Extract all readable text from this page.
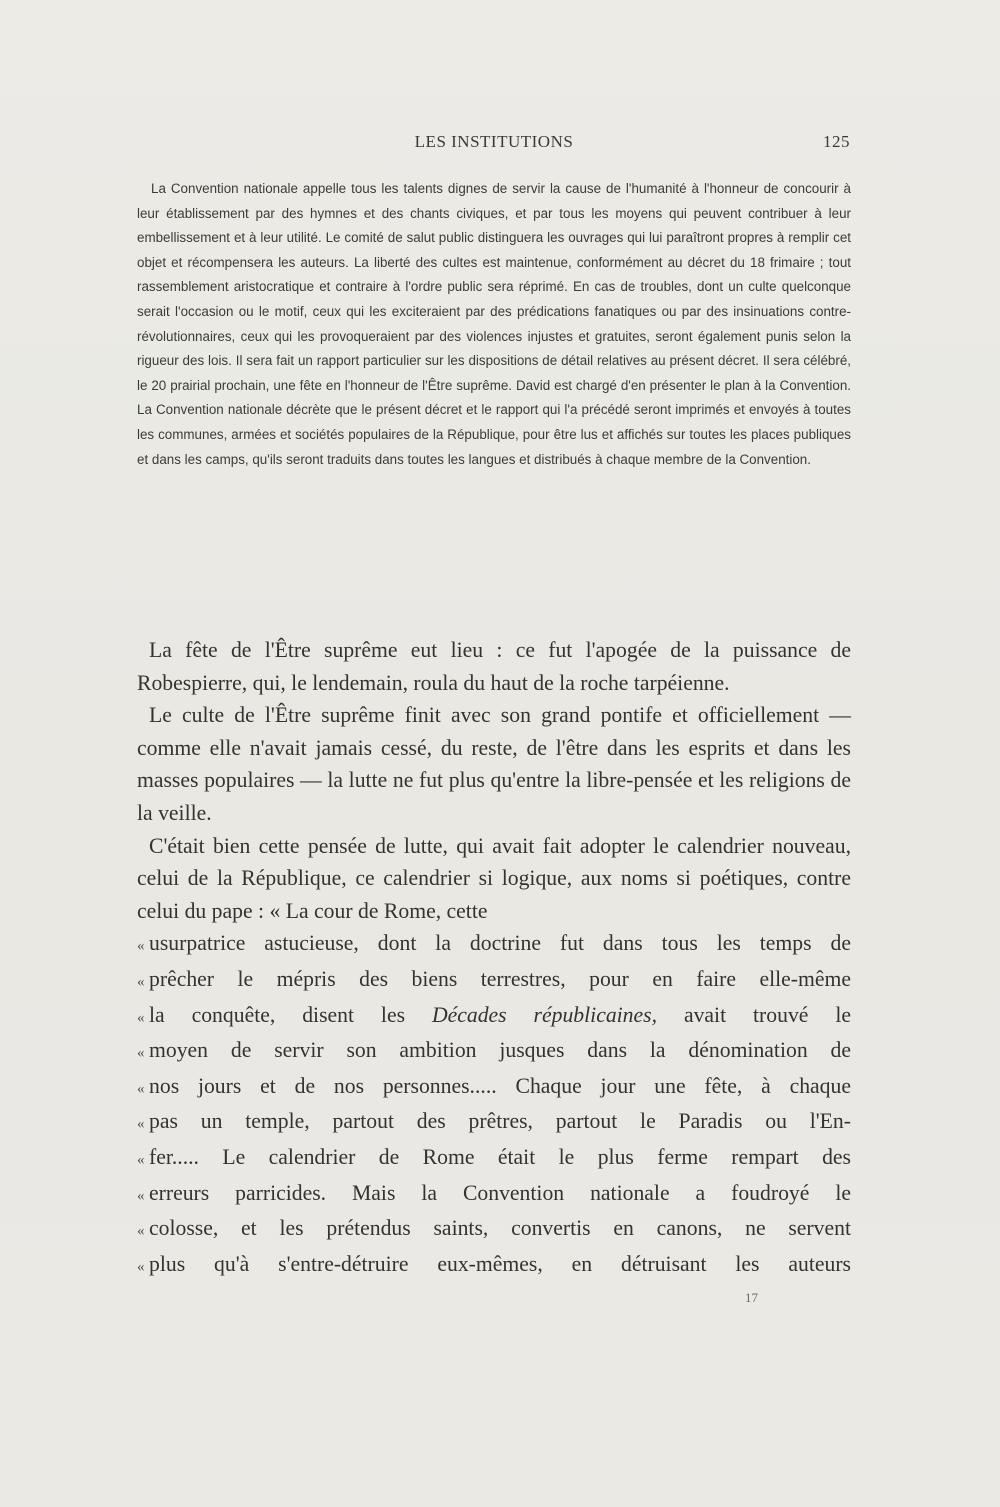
LES INSTITUTIONS	125
La Convention nationale appelle tous les talents dignes de servir la cause de l'humanité à l'honneur de concourir à leur établissement par des hymnes et des chants civiques, et par tous les moyens qui peuvent contribuer à leur embellissement et à leur utilité. Le comité de salut public distinguera les ouvrages qui lui paraîtront propres à remplir cet objet et récompensera les auteurs. La liberté des cultes est maintenue, conformément au décret du 18 frimaire ; tout rassemblement aristocratique et contraire à l'ordre public sera réprimé. En cas de troubles, dont un culte quelconque serait l'occasion ou le motif, ceux qui les exciteraient par des prédications fanatiques ou par des insinuations contre-révolutionnaires, ceux qui les provoqueraient par des violences injustes et gratuites, seront également punis selon la rigueur des lois. Il sera fait un rapport particulier sur les dispositions de détail relatives au présent décret. Il sera célébré, le 20 prairial prochain, une fête en l'honneur de l'Être suprême. David est chargé d'en présenter le plan à la Convention. La Convention nationale décrète que le présent décret et le rapport qui l'a précédé seront imprimés et envoyés à toutes les communes, armées et sociétés populaires de la République, pour être lus et affichés sur toutes les places publiques et dans les camps, qu'ils seront traduits dans toutes les langues et distribués à chaque membre de la Convention.

La fête de l'Être suprême eut lieu : ce fut l'apogée de la puissance de Robespierre, qui, le lendemain, roula du haut de la roche tarpéienne.

Le culte de l'Être suprême finit avec son grand pontife et officiellement — comme elle n'avait jamais cessé, du reste, de l'être dans les esprits et dans les masses populaires — la lutte ne fut plus qu'entre la libre-pensée et les religions de la veille.

C'était bien cette pensée de lutte, qui avait fait adopter le calendrier nouveau, celui de la République, ce calendrier si logique, aux noms si poétiques, contre celui du pape : « La cour de Rome, cette

« usurpatrice astucieuse, dont la doctrine fut dans tous les temps de
« prêcher le mépris des biens terrestres, pour en faire elle-même
« la conquête, disent les Décades républicaines, avait trouvé le
« moyen de servir son ambition jusques dans la dénomination de
« nos jours et de nos personnes..... Chaque jour une fête, à chaque
« pas un temple, partout des prêtres, partout le Paradis ou l'En-
« fer..... Le calendrier de Rome était le plus ferme rempart des
« erreurs parricides. Mais la Convention nationale a foudroyé le
« colosse, et les prétendus saints, convertis en canons, ne servent
« plus qu'à s'entre-détruire eux-mêmes, en détruisant les auteurs
17
